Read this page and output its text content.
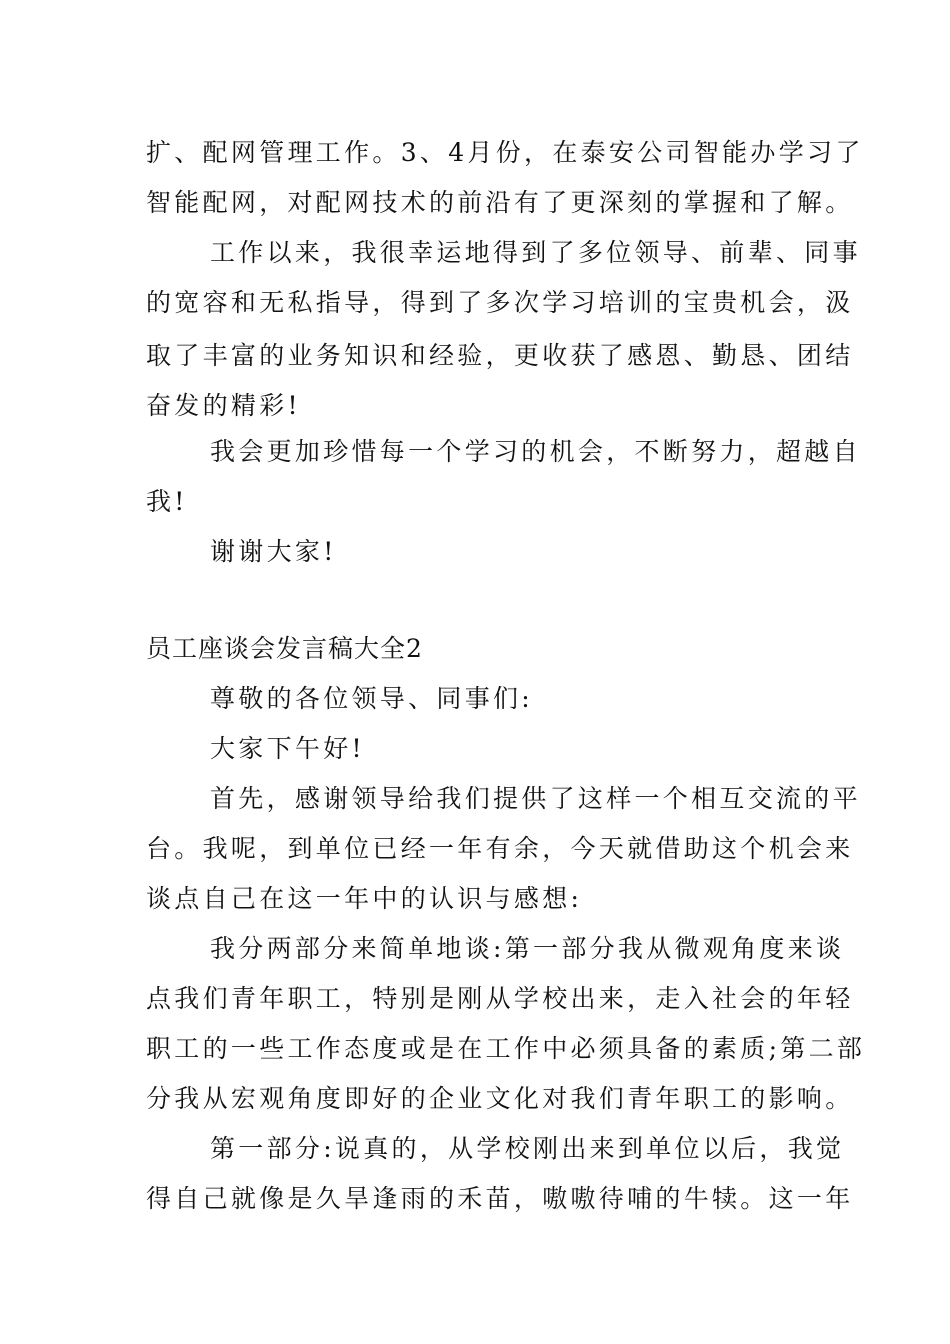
扩、配网管理工作。3、4月份，在泰安公司智能办学习了
智能配网，对配网技术的前沿有了更深刻的掌握和了解。
工作以来，我很幸运地得到了多位领导、前辈、同事
的宽容和无私指导，得到了多次学习培训的宝贵机会，汲
取了丰富的业务知识和经验，更收获了感恩、勤恳、团结
奋发的精彩!
我会更加珍惜每一个学习的机会，不断努力，超越自
我!
谢谢大家!
员工座谈会发言稿大全2
尊敬的各位领导、同事们:
大家下午好!
首先，感谢领导给我们提供了这样一个相互交流的平
台。我呢，到单位已经一年有余，今天就借助这个机会来
谈点自己在这一年中的认识与感想:
我分两部分来简单地谈:第一部分我从微观角度来谈
点我们青年职工，特别是刚从学校出来，走入社会的年轻
职工的一些工作态度或是在工作中必须具备的素质;第二部
分我从宏观角度即好的企业文化对我们青年职工的影响。
第一部分:说真的，从学校刚出来到单位以后，我觉
得自己就像是久旱逢雨的禾苗，嗷嗷待哺的牛犊。这一年
